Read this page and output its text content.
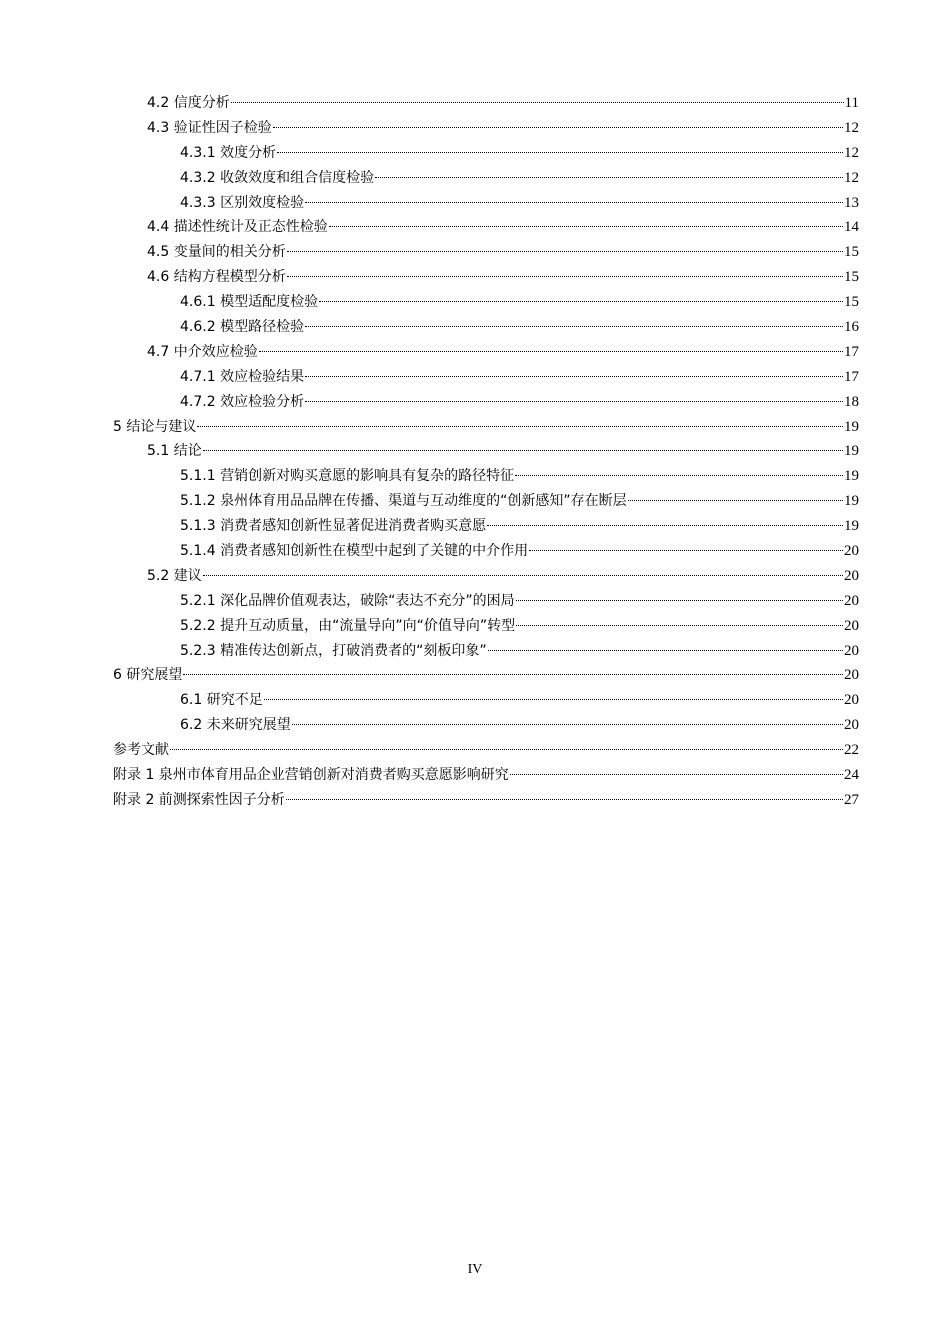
4.2 信度分析	11
4.3 验证性因子检验	12
4.3.1 效度分析	12
4.3.2 收敛效度和组合信度检验	12
4.3.3 区别效度检验	13
4.4 描述性统计及正态性检验	14
4.5 变量间的相关分析	15
4.6 结构方程模型分析	15
4.6.1 模型适配度检验	15
4.6.2 模型路径检验	16
4.7 中介效应检验	17
4.7.1 效应检验结果	17
4.7.2 效应检验分析	18
5 结论与建议	19
5.1 结论	19
5.1.1 营销创新对购买意愿的影响具有复杂的路径特征	19
5.1.2 泉州体育用品品牌在传播、渠道与互动维度的“创新感知”存在断层	19
5.1.3 消费者感知创新性显著促进消费者购买意愿	19
5.1.4 消费者感知创新性在模型中起到了关键的中介作用	20
5.2 建议	20
5.2.1 深化品牌价值观表达，破除“表达不充分”的困局	20
5.2.2 提升互动质量，由“流量导向”向“价值导向”转型	20
5.2.3 精准传达创新点，打破消费者的“刻板印象”	20
6 研究展望	20
6.1 研究不足	20
6.2 未来研究展望	20
参考文献	22
附录 1 泉州市体育用品企业营销创新对消费者购买意愿影响研究	24
附录 2 前测探索性因子分析	27
IV
